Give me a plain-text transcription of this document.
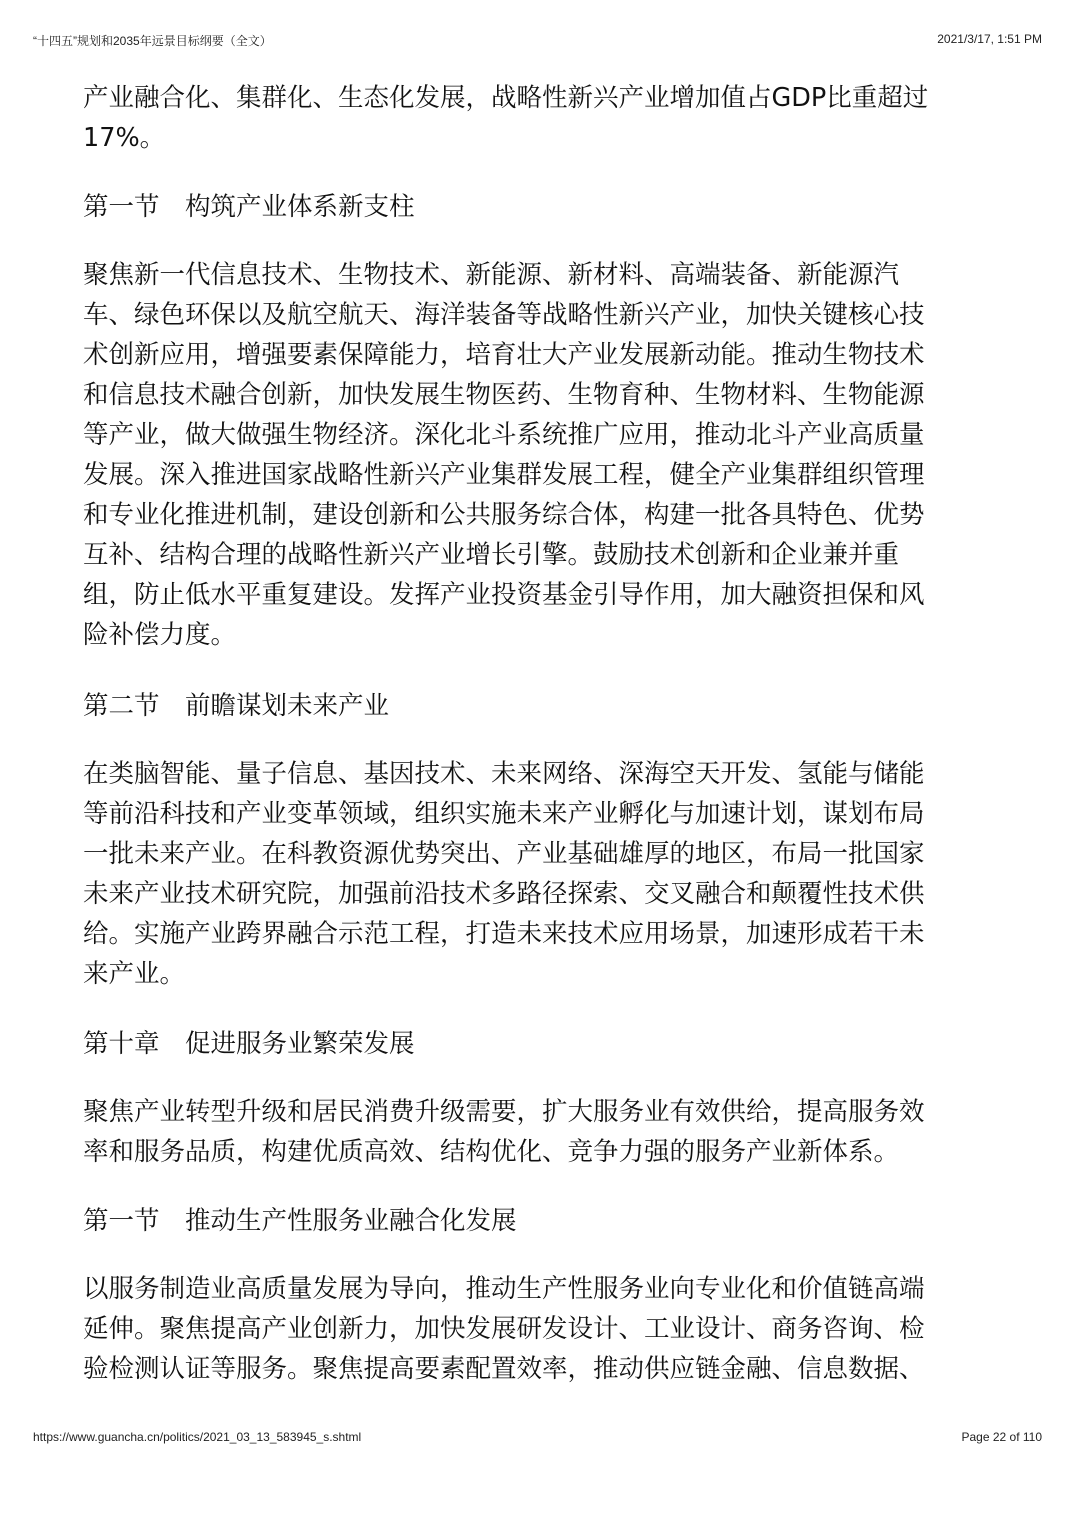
“十四五”规划和2035年远景目标纲要（全文）	2021/3/17, 1:51 PM
产业融合化、集群化、生态化发展，战略性新兴产业增加值占GDP比重超过
17%。
第一节　构筑产业体系新支柱
聚焦新一代信息技术、生物技术、新能源、新材料、高端装备、新能源汽
车、绿色环保以及航空航天、海洋装备等战略性新兴产业，加快关键核心技
术创新应用，增强要素保障能力，培育壮大产业发展新动能。推动生物技术
和信息技术融合创新，加快发展生物医药、生物育种、生物材料、生物能源
等产业，做大做强生物经济。深化北斗系统推广应用，推动北斗产业高质量
发展。深入推进国家战略性新兴产业集群发展工程，健全产业集群组织管理
和专业化推进机制，建设创新和公共服务综合体，构建一批各具特色、优势
互补、结构合理的战略性新兴产业增长引擎。鼓励技术创新和企业兼并重
组，防止低水平重复建设。发挥产业投资基金引导作用，加大融资担保和风
险补偿力度。
第二节　前瞻谋划未来产业
在类脑智能、量子信息、基因技术、未来网络、深海空天开发、氢能与储能
等前沿科技和产业变革领域，组织实施未来产业孵化与加速计划，谋划布局
一批未来产业。在科教资源优势突出、产业基础雄厚的地区，布局一批国家
未来产业技术研究院，加强前沿技术多路径探索、交叉融合和颠覆性技术供
给。实施产业跨界融合示范工程，打造未来技术应用场景，加速形成若干未
来产业。
第十章　促进服务业繁荣发展
聚焦产业转型升级和居民消费升级需要，扩大服务业有效供给，提高服务效
率和服务品质，构建优质高效、结构优化、竞争力强的服务产业新体系。
第一节　推动生产性服务业融合化发展
以服务制造业高质量发展为导向，推动生产性服务业向专业化和价值链高端
延伸。聚焦提高产业创新力，加快发展研发设计、工业设计、商务咨询、检
验检测认证等服务。聚焦提高要素配置效率，推动供应链金融、信息数据、
https://www.guancha.cn/politics/2021_03_13_583945_s.shtml	Page 22 of 110
